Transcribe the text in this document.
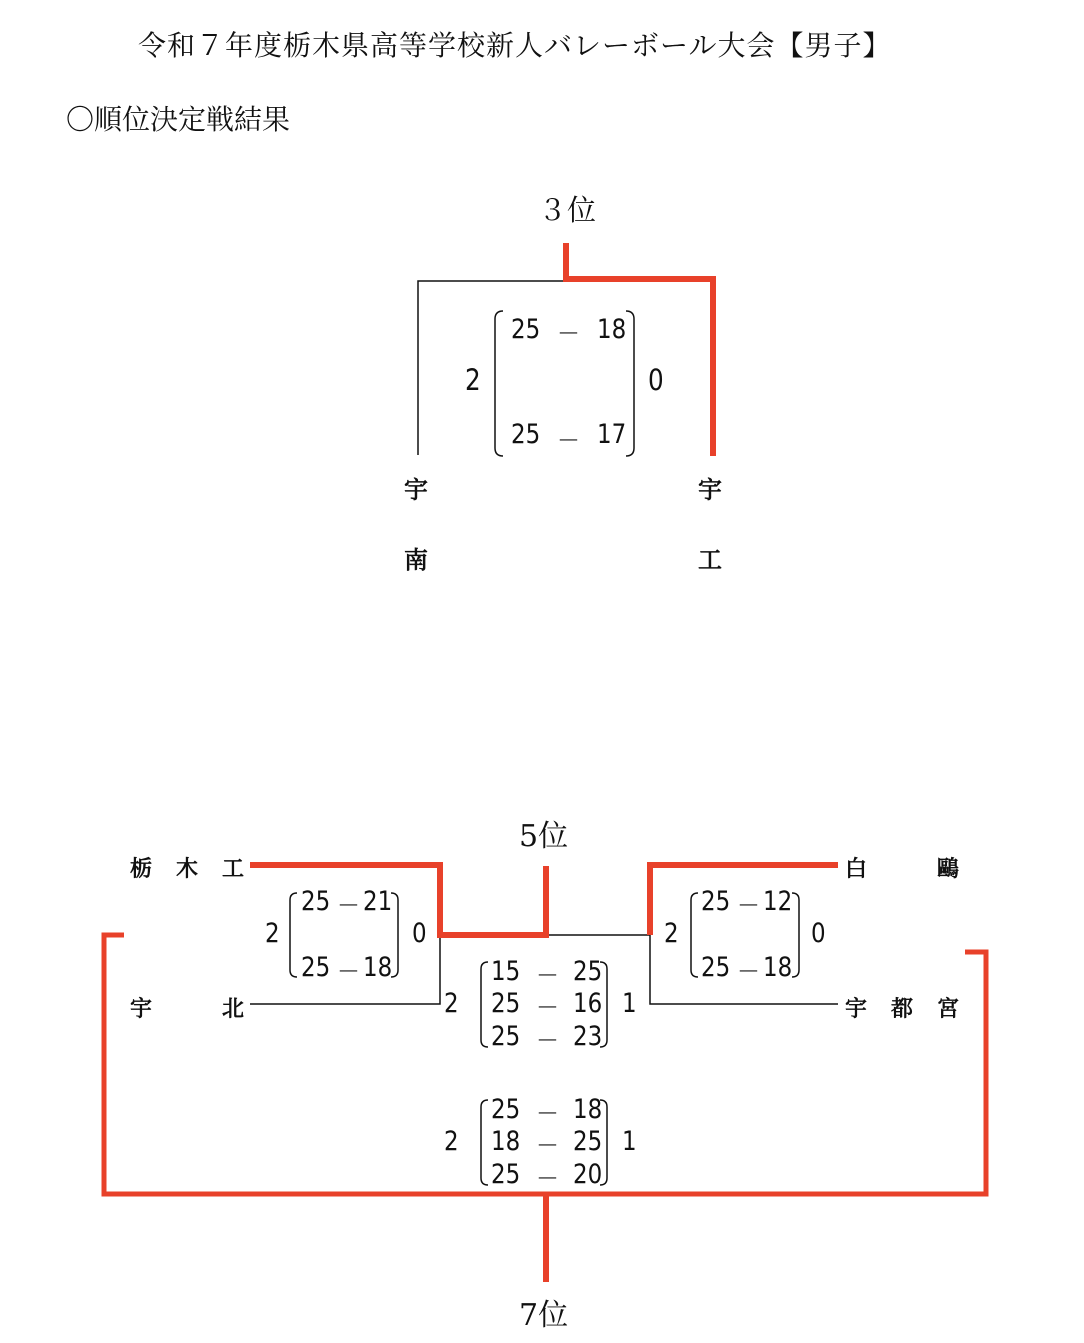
令和７年度栃木県高等学校新人バレーボール大会【男子】
〇順位決定戦結果
３位
宇
南
宇
工
2	0
25 － 18
25 － 17
5位
栃 木 工
宇	北
白	鷗
宇 都 宮
2	0
25 － 21
25 － 18
2	0
25 － 12
25 － 18
2	1
15 － 25
25 － 16
25 － 23
2	1
25 － 18
18 － 25
25 － 20
7位
